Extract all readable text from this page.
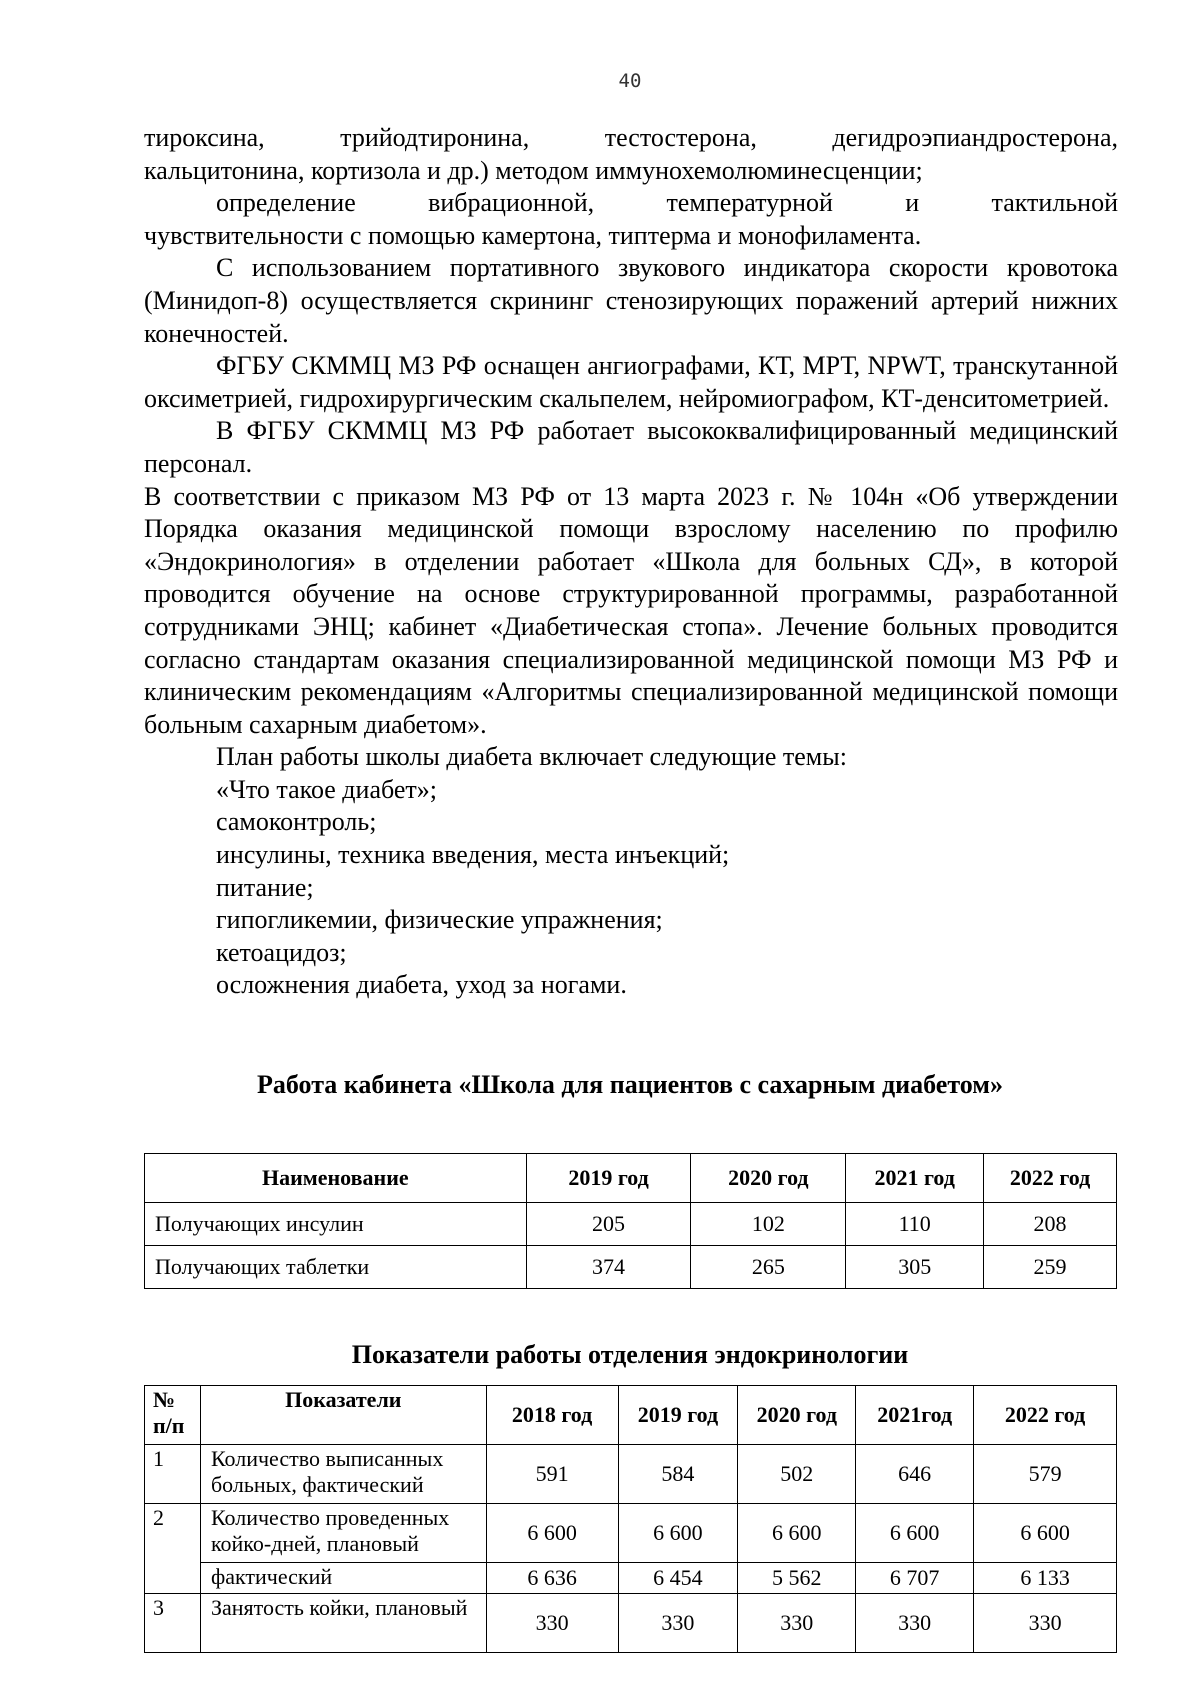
40

тироксина, трийодтиронина, тестостерона, дегидроэпиандростерона,

кальцитонина, кортизола и др.) методом иммунохемолюминесценции;

определение вибрационной, температурной и тактильной

чувствительности с помощью камертона, типтерма и монофиламента.

С использованием портативного звукового индикатора скорости кровотока (Минидоп-8) осуществляется скрининг стенозирующих поражений артерий нижних конечностей.

ФГБУ СКММЦ МЗ РФ оснащен ангиографами, КТ, МРТ, NPWT, транскутанной оксиметрией, гидрохирургическим скальпелем, нейромиографом, КТ-денситометрией.

В ФГБУ СКММЦ МЗ РФ работает высококвалифицированный медицинский персонал.

В соответствии с приказом МЗ РФ от 13 марта 2023 г. № 104н «Об утверждении Порядка оказания медицинской помощи взрослому населению по профилю «Эндокринология» в отделении работает «Школа для больных СД», в которой проводится обучение на основе структурированной программы, разработанной сотрудниками ЭНЦ; кабинет «Диабетическая стопа». Лечение больных проводится согласно стандартам оказания специализированной медицинской помощи МЗ РФ и клиническим рекомендациям «Алгоритмы специализированной медицинской помощи больным сахарным диабетом».

План работы школы диабета включает следующие темы:

«Что такое диабет»;

самоконтроль;

инсулины, техника введения, места инъекций;

питание;

гипогликемии, физические упражнения;

кетоацидоз;

осложнения диабета, уход за ногами.

Работа кабинета «Школа для пациентов с сахарным диабетом»
Наименование	2019 год	2020 год	2021 год	2022 год
Получающих инсулин	205	102	110	208
Получающих таблетки	374	265	305	259
Показатели работы отделения эндокринологии
№ п/п	Показатели	2018 год	2019 год	2020 год	2021год	2022 год
1	Количество выписанных больных, фактический	591	584	502	646	579
2	Количество проведенных койко-дней, плановый	6 600	6 600	6 600	6 600	6 600
	фактический	6 636	6 454	5 562	6 707	6 133
3	Занятость койки, плановый	330	330	330	330	330
